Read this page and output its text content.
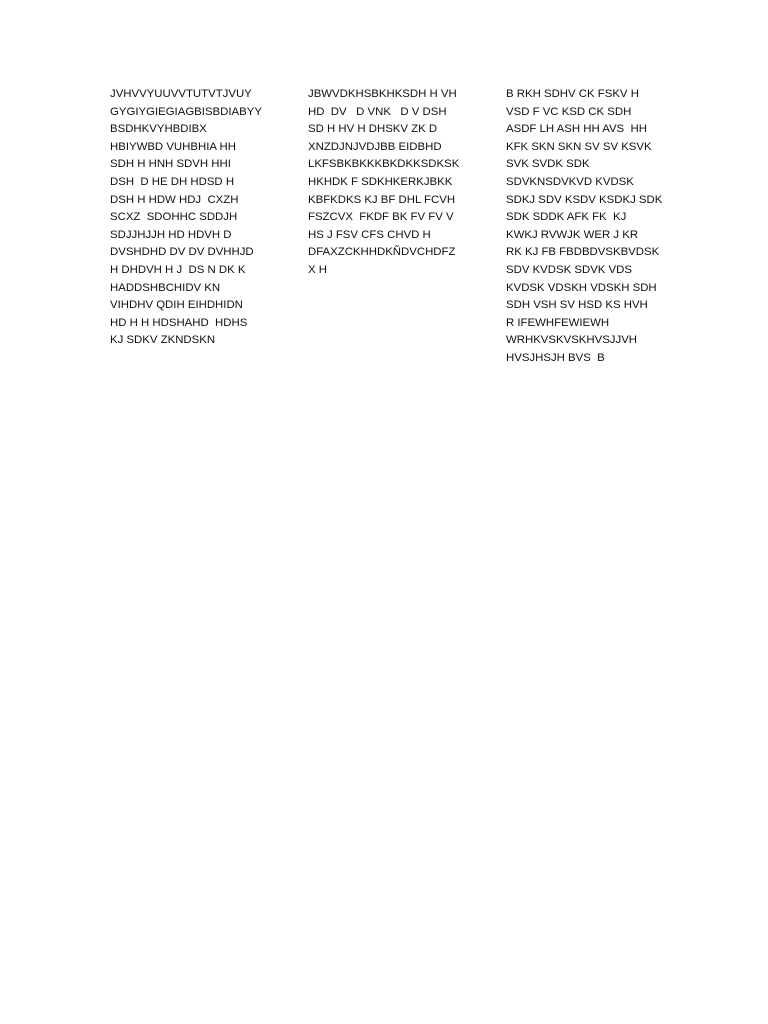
JVHVVYUUVVTUTVTJVUY
GYGIYGIEGIAGBISBDIABYY
BSDHKVYHBDIBX
HBIYWBD VUHBHIA HH
SDH H HNH SDVH HHI
DSH  D HE DH HDSD H
DSH H HDW HDJ  CXZH
SCXZ  SDOHHC SDDJH
SDJJHJJH HD HDVH D
DVSHDHD DV DV DVHHJD
H DHDVH H J  DS N DK K
HADDSHBCHIDV KN
VIHDHV QDIH EIHDHIDN
HD H H HDSHAHD  HDHS
KJ SDKV ZKNDSKN
JBWVDKHSBKHKSDH H VH
HD  DV   D VNK   D V DSH
SD H HV H DHSKV ZK D
XNZDJNJVDJBB EIDBHD
LKFSBKBKKKBKDKKSDKSK
HKHDK F SDKHKERKJBKK
KBFKDKS KJ BF DHL FCVH
FSZCVX  FKDF BK FV FV V
HS J FSV CFS CHVD H
DFAXZCKHHDKÑDVCHDFZ
X H
B RKH SDHV CK FSKV H
VSD F VC KSD CK SDH
ASDF LH ASH HH AVS  HH
KFK SKN SKN SV SV KSVK
SVK SVDK SDK
SDVKNSDVKVD KVDSK
SDKJ SDV KSDV KSDKJ SDK
SDK SDDK AFK FK  KJ
KWKJ RVWJK WER J KR
RK KJ FB FBDBDVSKBVDSK
SDV KVDSK SDVK VDS
KVDSK VDSKH VDSKH SDH
SDH VSH SV HSD KS HVH
R IFEWHFEWIEWH
WRHKVSKVSKHVSJJVH
HVSJHSJH BVS  B
